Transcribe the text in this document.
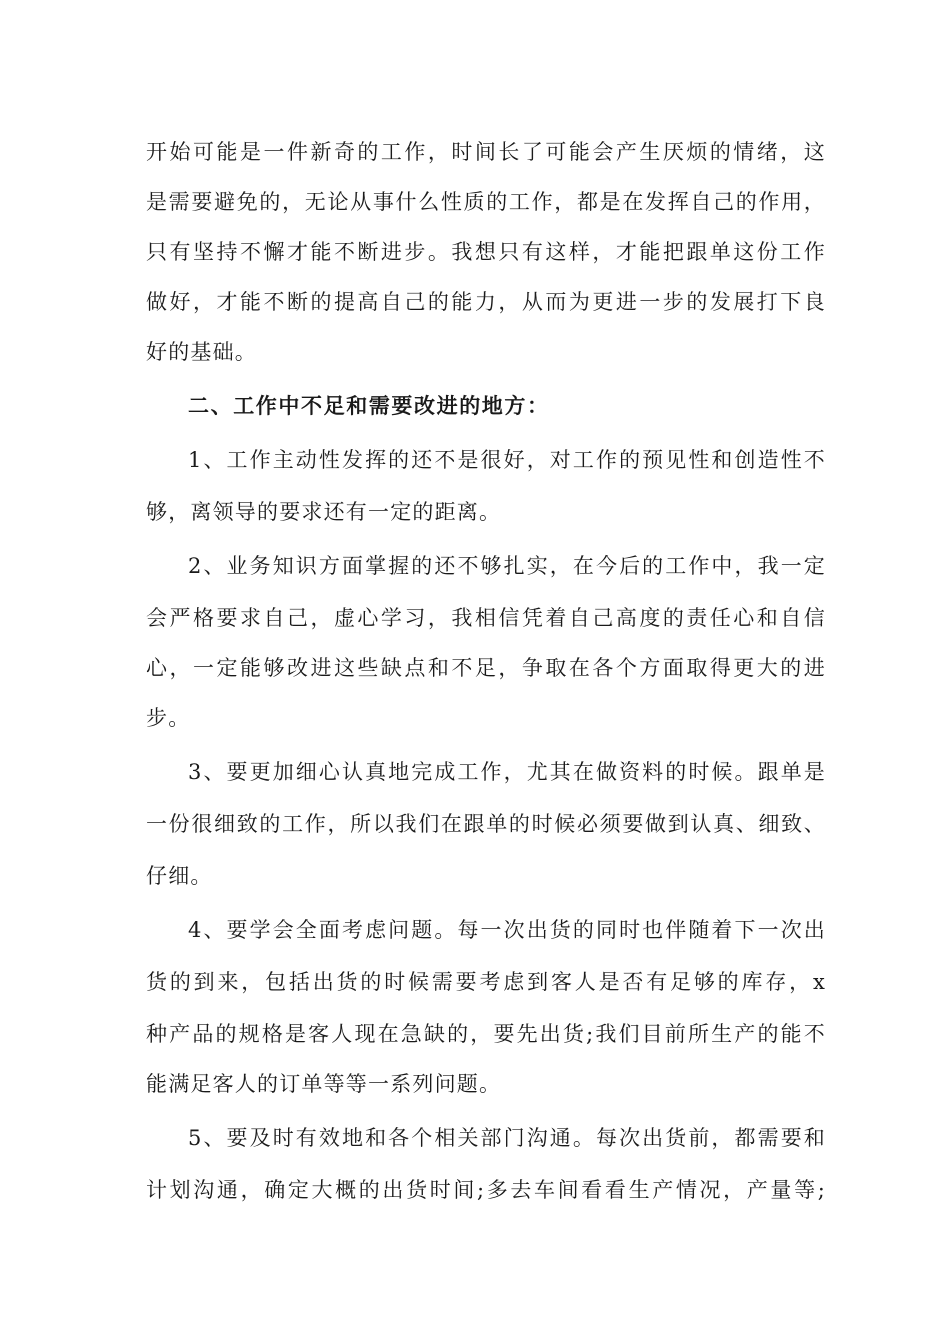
开始可能是一件新奇的工作，时间长了可能会产生厌烦的情绪，这
是需要避免的，无论从事什么性质的工作，都是在发挥自己的作用，
只有坚持不懈才能不断进步。我想只有这样，才能把跟单这份工作
做好，才能不断的提高自己的能力，从而为更进一步的发展打下良
好的基础。
二、工作中不足和需要改进的地方：
1、工作主动性发挥的还不是很好，对工作的预见性和创造性不
够，离领导的要求还有一定的距离。
2、业务知识方面掌握的还不够扎实，在今后的工作中，我一定
会严格要求自己，虚心学习，我相信凭着自己高度的责任心和自信
心，一定能够改进这些缺点和不足，争取在各个方面取得更大的进
步。
3、要更加细心认真地完成工作，尤其在做资料的时候。跟单是
一份很细致的工作，所以我们在跟单的时候必须要做到认真、细致、
仔细。
4、要学会全面考虑问题。每一次出货的同时也伴随着下一次出
货的到来，包括出货的时候需要考虑到客人是否有足够的库存，x
种产品的规格是客人现在急缺的，要先出货;我们目前所生产的能不
能满足客人的订单等等一系列问题。
5、要及时有效地和各个相关部门沟通。每次出货前，都需要和
计划沟通，确定大概的出货时间;多去车间看看生产情况，产量等;
